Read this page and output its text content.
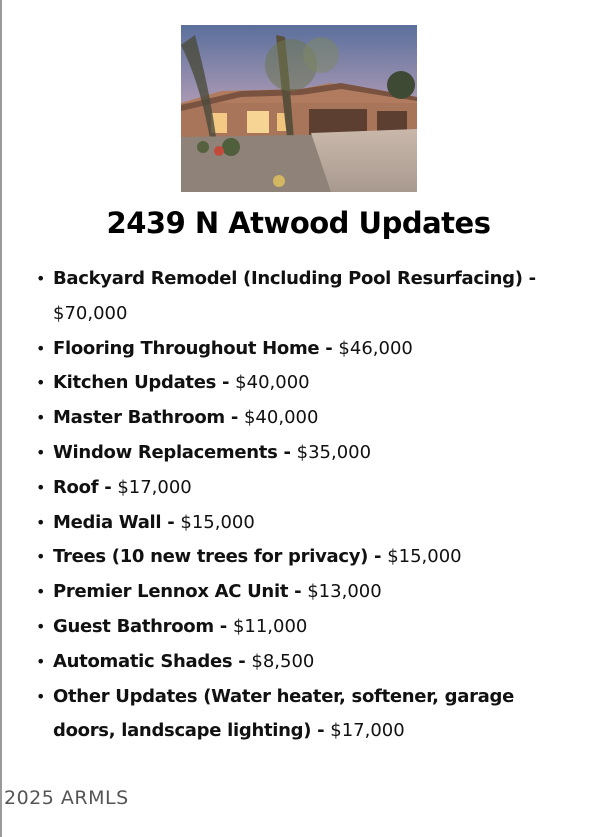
2439 N Atwood Updates
• Backyard Remodel (Including Pool Resurfacing) - $70,000
• Flooring Throughout Home - $46,000
• Kitchen Updates - $40,000
• Master Bathroom - $40,000
• Window Replacements - $35,000
• Roof - $17,000
• Media Wall - $15,000
• Trees (10 new trees for privacy) - $15,000
• Premier Lennox AC Unit - $13,000
• Guest Bathroom - $11,000
• Automatic Shades - $8,500
• Other Updates (Water heater, softener, garage doors, landscape lighting) - $17,000
2025 ARMLS
